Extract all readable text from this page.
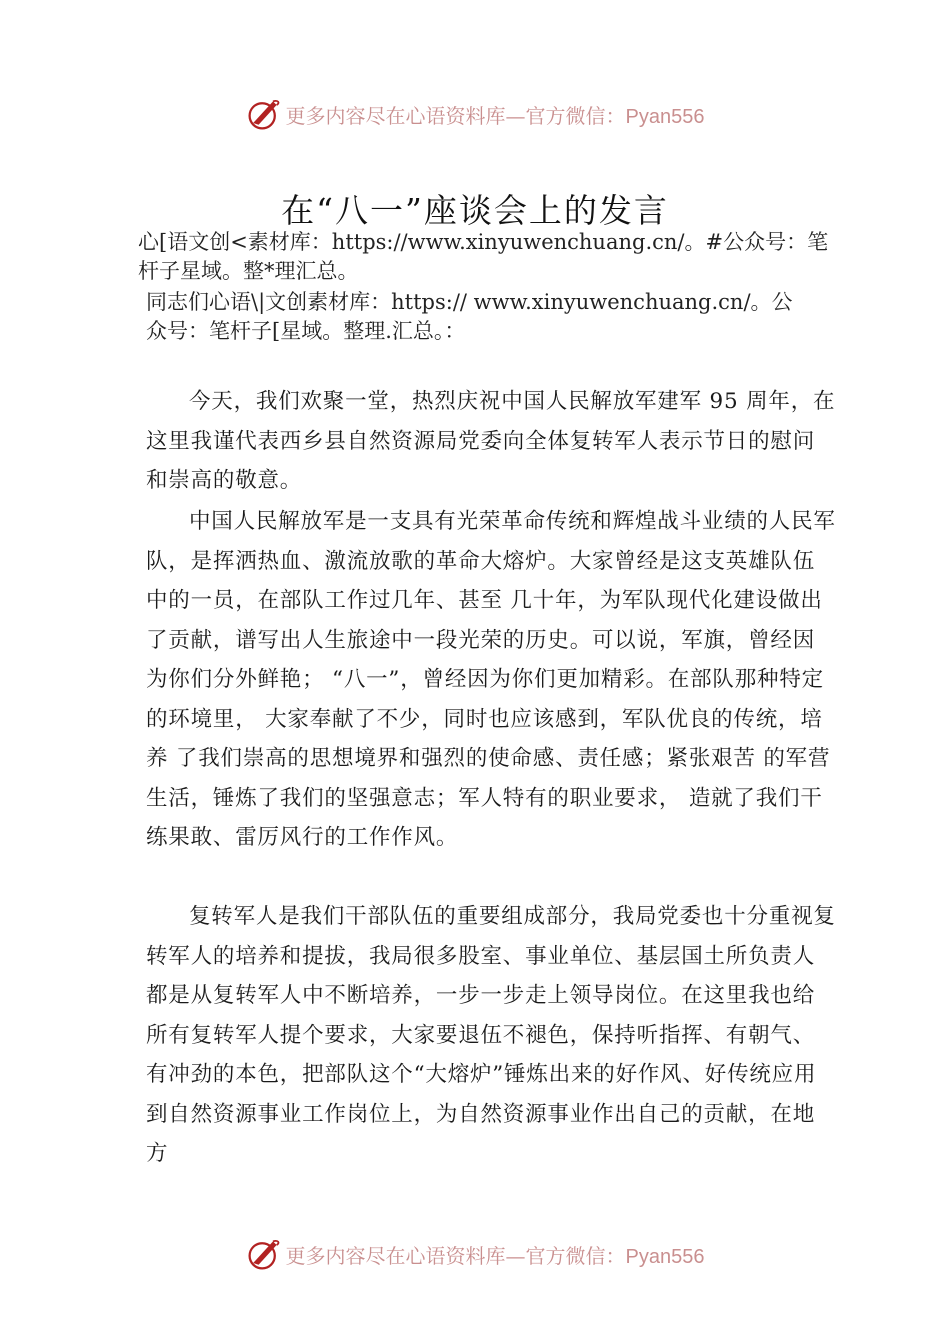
更多内容尽在心语资料库—官方微信：Pyan556
在“八一”座谈会上的发言
心[语文创<素材库：https://www.xinyuwenchuang.cn/。#公众号：笔杆子星域。整*理汇总。
同志们心语\|文创素材库：https:// www.xinyuwenchuang.cn/。公众号：笔杆子[星域。整理.汇总。：

今天，我们欢聚一堂，热烈庆祝中国人民解放军建军 95 周年，在这里我谨代表西乡县自然资源局党委向全体复转军人表示节日的慰问和崇高的敬意。

中国人民解放军是一支具有光荣革命传统和辉煌战斗业绩的人民军队，是挥洒热血、激流放歌的革命大熔炉。大家曾经是这支英雄队伍中的一员，在部队工作过几年、甚至 几十年，为军队现代化建设做出了贡献，谱写出人生旅途中一段光荣的历史。可以说，军旗，曾经因为你们分外鲜艳； “八一”，曾经因为你们更加精彩。在部队那种特定的环境里， 大家奉献了不少，同时也应该感到，军队优良的传统，培养 了我们崇高的思想境界和强烈的使命感、责任感；紧张艰苦 的军营生活，锤炼了我们的坚强意志；军人特有的职业要求， 造就了我们干练果敢、雷厉风行的工作作风。

复转军人是我们干部队伍的重要组成部分，我局党委也十分重视复转军人的培养和提拔，我局很多股室、事业单位、基层国土所负责人都是从复转军人中不断培养，一步一步走上领导岗位。在这里我也给所有复转军人提个要求，大家要退伍不褪色，保持听指挥、有朝气、有冲劲的本色，把部队这个“大熔炉”锤炼出来的好作风、好传统应用到自然资源事业工作岗位上，为自然资源事业作出自己的贡献，在地方

更多内容尽在心语资料库—官方微信：Pyan556
